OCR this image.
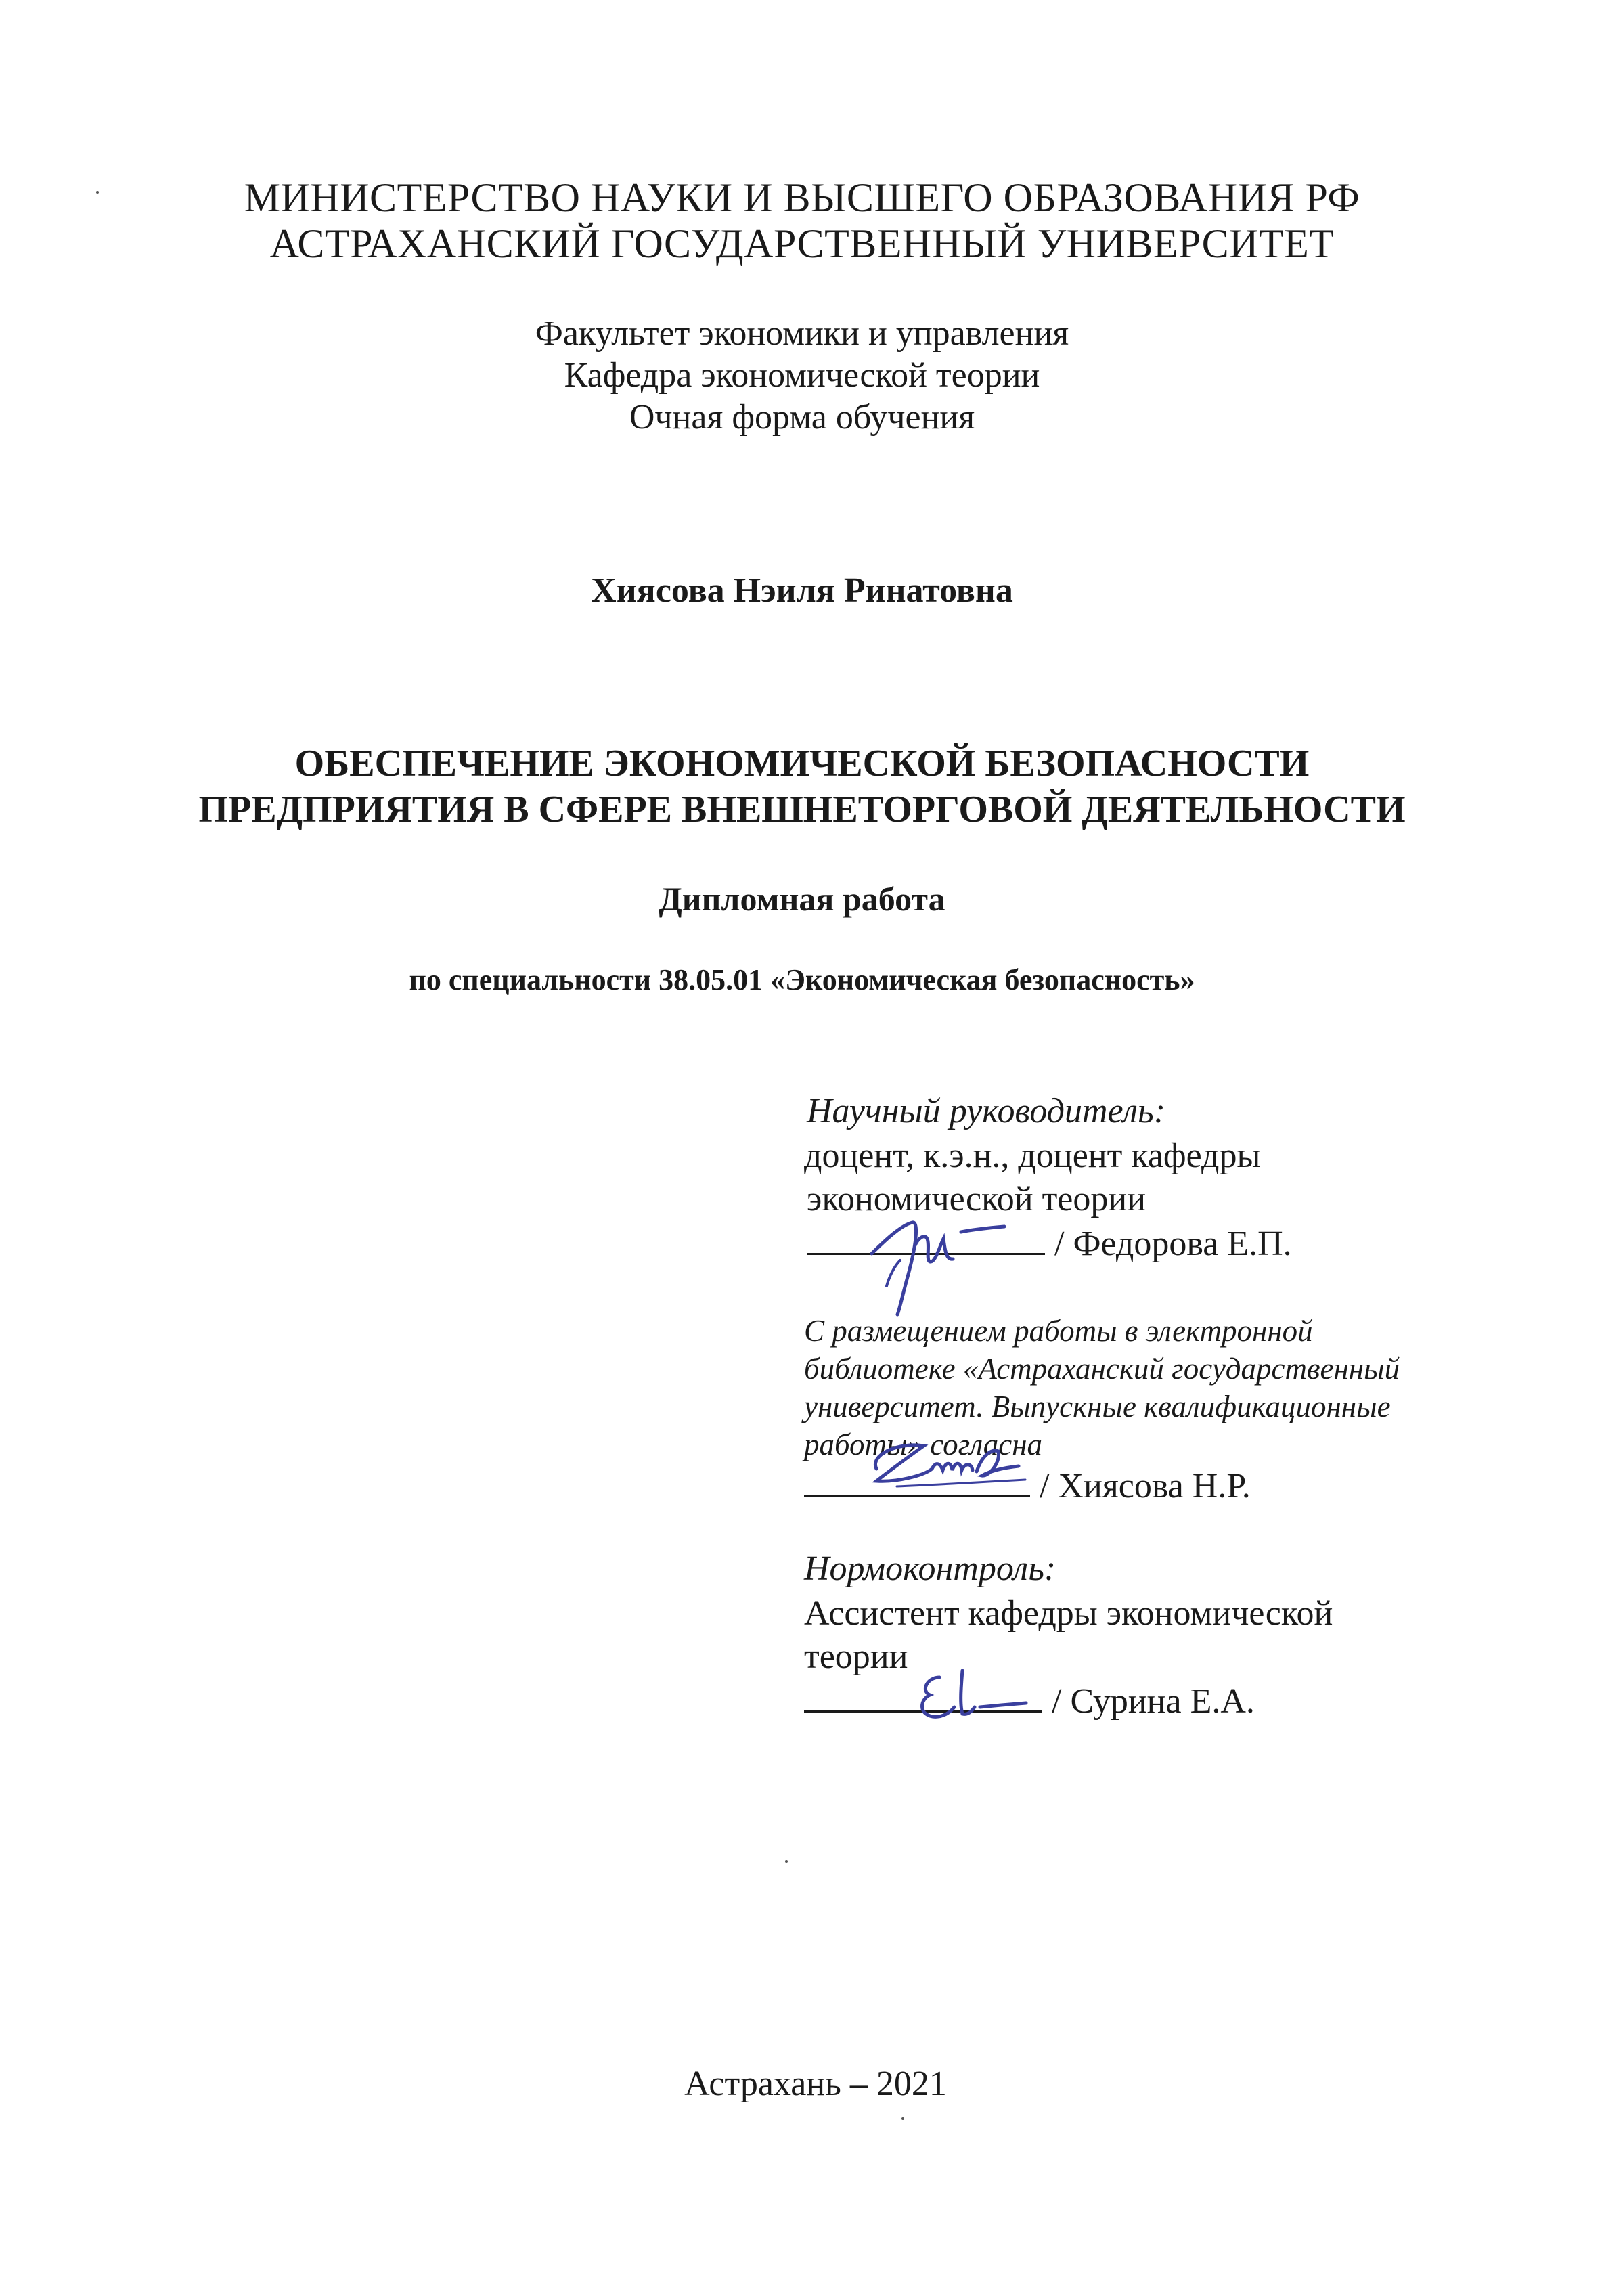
МИНИСТЕРСТВО НАУКИ И ВЫСШЕГО ОБРАЗОВАНИЯ РФ
АСТРАХАНСКИЙ ГОСУДАРСТВЕННЫЙ УНИВЕРСИТЕТ
Факультет экономики и управления
Кафедра экономической теории
Очная форма обучения
Хиясова Нэиля Ринатовна
ОБЕСПЕЧЕНИЕ ЭКОНОМИЧЕСКОЙ БЕЗОПАСНОСТИ
ПРЕДПРИЯТИЯ В СФЕРЕ ВНЕШНЕТОРГОВОЙ ДЕЯТЕЛЬНОСТИ
Дипломная работа
по специальности 38.05.01 «Экономическая безопасность»
Научный руководитель:
доцент, к.э.н., доцент кафедры
экономической теории
/ Федорова Е.П.
С размещением работы в электронной
библиотеке «Астраханский государственный
университет. Выпускные квалификационные
работы» согласна
/ Хиясова Н.Р.
Нормоконтроль:
Ассистент кафедры экономической
теории
/ Сурина Е.А.
Астрахань – 2021
